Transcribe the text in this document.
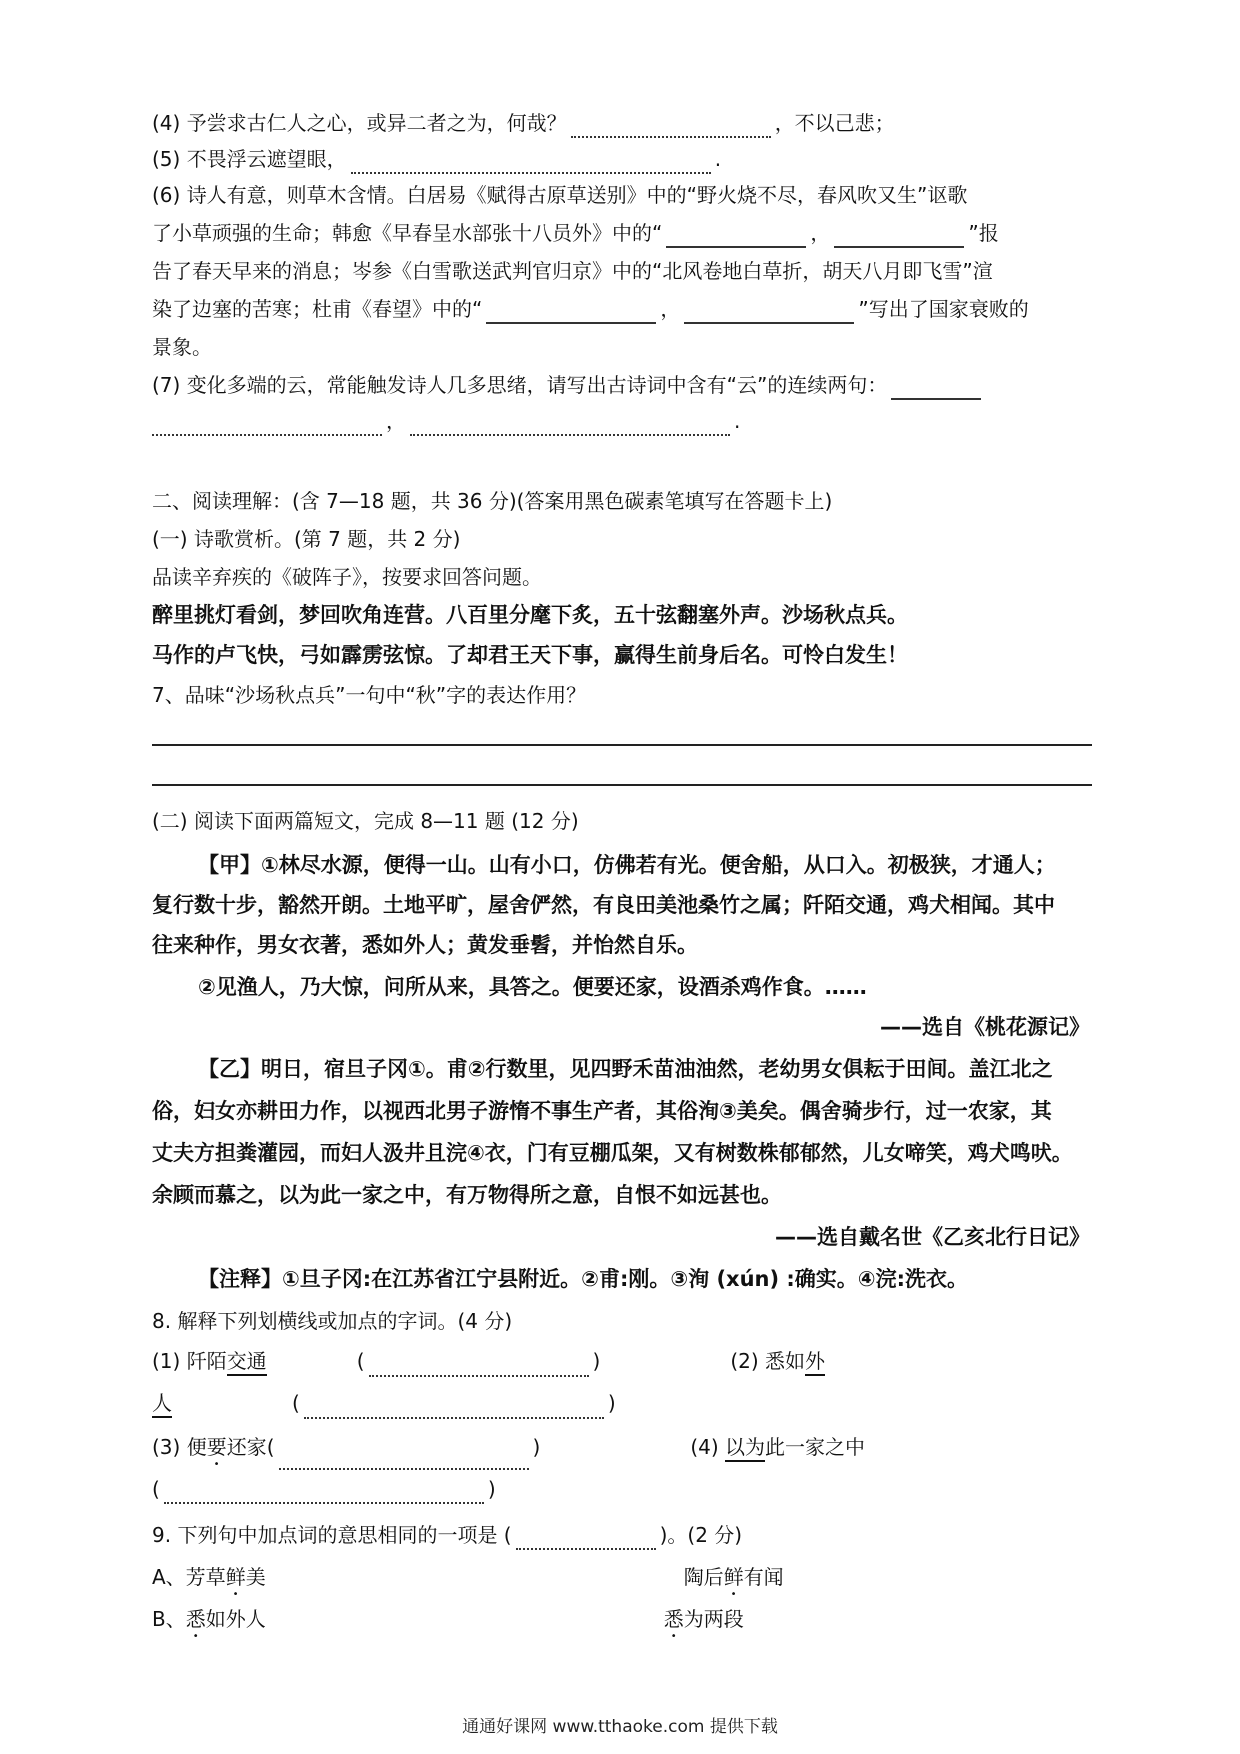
(4) 予尝求古仁人之心，或异二者之为，何哉？	，不以己悲；
(5) 不畏浮云遮望眼，	.
(6) 诗人有意，则草木含情。白居易《赋得古原草送别》中的“野火烧不尽，春风吹又生”讴歌
了小草顽强的生命；韩愈《早春呈水部张十八员外》中的“	，	”报
告了春天早来的消息；岑参《白雪歌送武判官归京》中的“北风卷地白草折，胡天八月即飞雪”渲
染了边塞的苦寒；杜甫《春望》中的“	，	”写出了国家衰败的
景象。
(7) 变化多端的云，常能触发诗人几多思绪，请写出古诗词中含有“云”的连续两句：
，	.
二、阅读理解：(含 7—18 题，共 36 分)(答案用黑色碳素笔填写在答题卡上)
(一) 诗歌赏析。(第 7 题，共 2 分)
品读辛弃疾的《破阵子》，按要求回答问题。
醉里挑灯看剑，梦回吹角连营。八百里分麾下炙，五十弦翻塞外声。沙场秋点兵。
马作的卢飞快，弓如霹雳弦惊。了却君王天下事，赢得生前身后名。可怜白发生！
7、品味“沙场秋点兵”一句中“秋”字的表达作用？
(二) 阅读下面两篇短文，完成 8—11 题 (12 分)
【甲】①林尽水源，便得一山。山有小口，仿佛若有光。便舍船，从口入。初极狭，才通人；
复行数十步，豁然开朗。土地平旷，屋舍俨然，有良田美池桑竹之属；阡陌交通，鸡犬相闻。其中
往来种作，男女衣著，悉如外人；黄发垂髫，并怡然自乐。
②见渔人，乃大惊，问所从来，具答之。便要还家，设酒杀鸡作食。……
——选自《桃花源记》
【乙】明日，宿旦子冈①。甫②行数里，见四野禾苗油油然，老幼男女俱耘于田间。盖江北之
俗，妇女亦耕田力作，以视西北男子游惰不事生产者，其俗洵③美矣。偶舍骑步行，过一农家，其
丈夫方担粪灌园，而妇人汲井且浣④衣，门有豆棚瓜架，又有树数株郁郁然，儿女啼笑，鸡犬鸣吠。
余顾而慕之，以为此一家之中，有万物得所之意，自恨不如远甚也。
——选自戴名世《乙亥北行日记》
【注释】①旦子冈:在江苏省江宁县附近。②甫:刚。③洵 (xún) :确实。④浣:洗衣。
8. 解释下列划横线或加点的字词。(4 分)
(1) 阡陌交通	(	)	(2) 悉如外
人	(	)
(3) 便要还家(	)	(4) 以为此一家之中
(	)
9. 下列句中加点词的意思相同的一项是 (	)。(2 分)
A、芳草鲜美	陶后鲜有闻
B、悉如外人	悉为两段
通通好课网 www.tthaoke.com 提供下载
